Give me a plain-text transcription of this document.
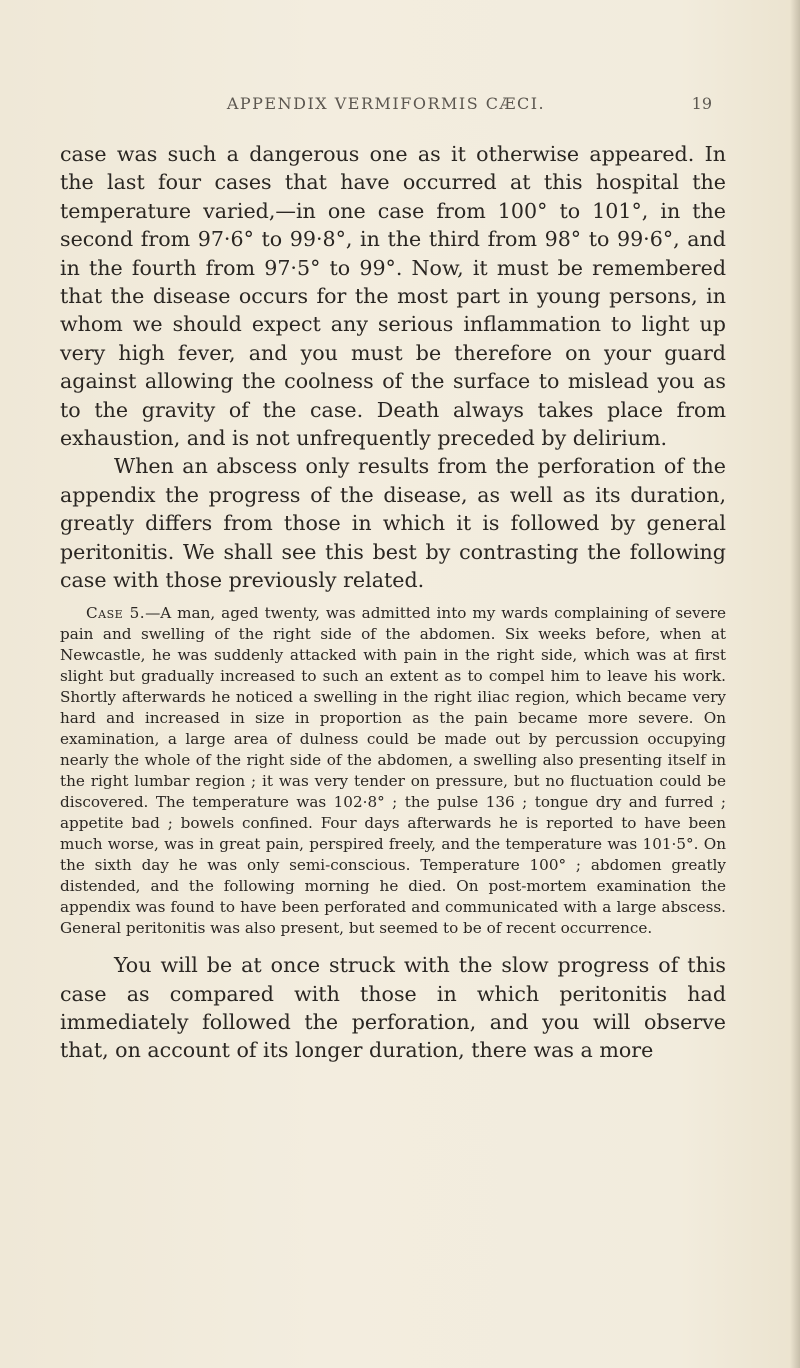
APPENDIX VERMIFORMIS CÆCI.	19

case was such a dangerous one as it otherwise appeared. In the last four cases that have occurred at this hospital the temperature varied,—in one case from 100° to 101°, in the second from 97·6° to 99·8°, in the third from 98° to 99·6°, and in the fourth from 97·5° to 99°. Now, it must be remembered that the disease occurs for the most part in young persons, in whom we should expect any serious inflammation to light up very high fever, and you must be therefore on your guard against allowing the coolness of the surface to mislead you as to the gravity of the case. Death always takes place from exhaustion, and is not unfrequently preceded by delirium.

When an abscess only results from the perforation of the appendix the progress of the disease, as well as its duration, greatly differs from those in which it is followed by general peritonitis. We shall see this best by contrasting the following case with those previously related.

Case 5.—A man, aged twenty, was admitted into my wards complaining of severe pain and swelling of the right side of the abdomen. Six weeks before, when at Newcastle, he was suddenly attacked with pain in the right side, which was at first slight but gradually increased to such an extent as to compel him to leave his work. Shortly afterwards he noticed a swelling in the right iliac region, which became very hard and increased in size in proportion as the pain became more severe. On examination, a large area of dulness could be made out by percussion occupying nearly the whole of the right side of the abdomen, a swelling also presenting itself in the right lumbar region ; it was very tender on pressure, but no fluctuation could be discovered. The temperature was 102·8° ; the pulse 136 ; tongue dry and furred ; appetite bad ; bowels confined. Four days afterwards he is reported to have been much worse, was in great pain, perspired freely, and the temperature was 101·5°. On the sixth day he was only semi-conscious. Temperature 100° ; abdomen greatly distended, and the following morning he died. On post-mortem examination the appendix was found to have been perforated and communicated with a large abscess. General peritonitis was also present, but seemed to be of recent occurrence.

You will be at once struck with the slow progress of this case as compared with those in which peritonitis had immediately followed the perforation, and you will observe that, on account of its longer duration, there was a more
